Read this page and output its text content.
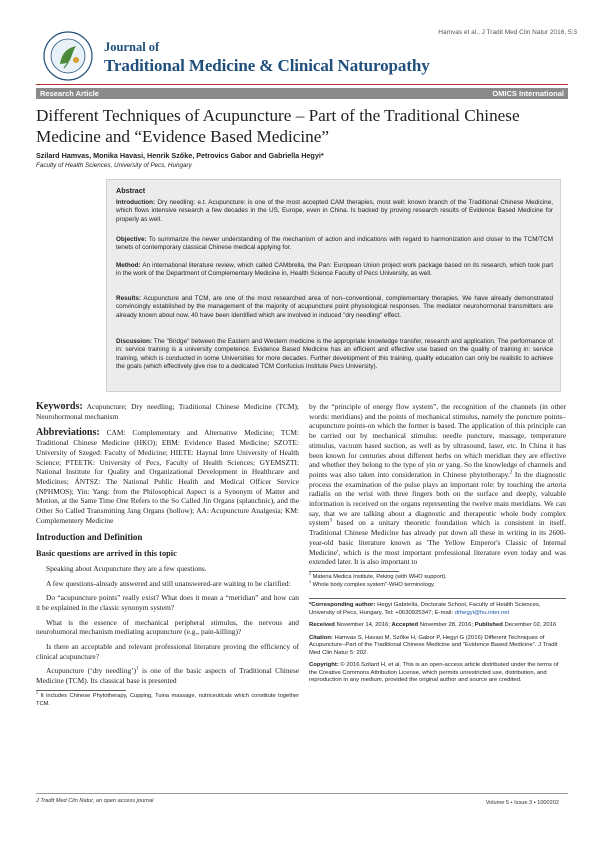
Hamvas et al., J Tradit Med Clin Natur 2016, 5:3
Journal of
Traditional Medicine & Clinical Naturopathy
Research Article	OMICS International
Different Techniques of Acupuncture – Part of the Traditional Chinese Medicine and “Evidence Based Medicine”
Szilard Hamvas, Monika Havasi, Henrik Szőke, Petrovics Gabor and Gabriella Hegyi*
Faculty of Health Sciences, University of Pecs, Hungary
Abstract
Introduction: Dry needling: e.t. Acupuncture: is one of the most accepted CAM therapies, most well: known branch of the Traditional Chinese Medicine, which flows intensive research a few decades in the US, Europe, even in China. Is backed by proving research results of Evidence Based Medicine for properly as well.
Objective: To summarize the newer understanding of the mechanism of action and indications with regard to harmonization and closer to the TCM/TCM tenets of contemporary classical Chinese medical applying for.
Method: An international literature review, which called CAMbrella, the Pan: European Union project work package based on its research, which took part in the work of the Department of Complementary Medicine in, Health Science Faculty of Pecs University, as well.
Results: Acupuncture and TCM, are one of the most researched area of non–conventional, complementary therapies. We have already demonstrated convincingly established by the management of the majority of acupuncture point physiological responses. The mediator neurohormonal transmitters are already known about now. 40 have been identified which are involved in induced "dry needling" effect.
Discussion: The "Bridge" between the Eastern and Western medicine is the appropriate knowledge transfer, research and application. The performance of in: service training is a university competence. Evidence Based Medicine has an efficient and effective use based on the quality of training in: service training, which is conducted in some Universities for more decades. Further development of this training, quality education can only be realistic to achieve the goals (which effectively give rise to a dedicated TCM Confucius Institute Pecs University).

Keywords: Acupuncture; Dry needling; Traditional Chinese Medicine (TCM); Neurohormonal mechanism

Abbreviations: CAM: Complementary and Alternative Medicine; TCM: Traditional Chinese Medicine (HKO); EBM: Evidence Based Medicine; SZOTE: University of Szeged: Faculty of Medicine; HIETE: Haynal Imre University of Health Science; PTEETK: University of Pecs, Faculty of Health Sciences; GYEMSZTI: National Institute for Quality and Organizational Development in Healthcare and Medicines; ÁNTSZ: The National Public Health and Medical Officer Service (NPHMOS); Yin: Yang: from the Philosophical Aspect is a Synonym of Matter and Motion, at the Same Time One Refers to the So Called Jin Organs (splanchnic), and the Other So Called Transmitting Jang Organs (hollow); AA: Acupuncture Analgesia; KM: Complementery Medicine

Introduction and Definition

Basic questions are arrived in this topic

Speaking about Acupuncture they are a few questions.

A few questions-already answered and still unanswered-are waiting to be clarified:

Do “acupuncture points” really exist? What does it mean a “meridian” and how can it be explained in the classic synonym system?

What is the essence of mechanical peripheral stimulus, the nervous and neurohumoral mechanism mediating acupuncture (e.g., pain-killing)?

Is there an acceptable and relevant professional literature proving the efficiency of clinical acupuncture?

Acupuncture (‘dry needling’)$^1$ is one of the basic aspects of Traditional Chinese Medicine (TCM). Its classical base is presented

$^1$ It includes Chinese Phytotherapy, Cupping, Tuina massage, nutriceuticals which constitute together TCM.

by the “principle of energy flow system”, the recognition of the channels (in other words: meridians) and the points of mechanical stimulus, namely the puncture points–acupuncture points-on which the former is based. The application of this principle can be carried out by mechanical stimulus: needle puncture, massage, temperature stimulus, vacuum based suction, as well as by ultrasound, laser, etc. In China it has been known for centuries about different herbs on which meridian they are effective and whether they belong to the type of yin or yang. So the knowledge of channels and points was also taken into consideration in Chinese phytotherapy.$^2$ In the diagnostic process the examination of the pulse plays an important role: by touching the arteria radialis on the wrist with three fingers both on the surface and deeply, valuable information is received on the organs representing the twelve main meridians. We can say, that we are talking about a diagnostic and therapeutic whole body complex system$^3$ based on a unitary theoretic foundation which is consistent in itself. Traditional Chinese Medicine has already put down all these in writing in its 2600-year-old basic literature known as 'The Yellow Emperor's Classic of Internal Medicine', which is the most important professional literature even today and was extended later. It is also important to

$^2$ Materia Medica Institute, Peking (with WHO support).

$^3$ Whole body complex system"-WHO terminology.

*Corresponding author: Hegyi Gabriella, Doctorate School, Faculty of Health Sciences, University of Pecs, Hungary, Tel: +0630925347; E-mail: drhegyi@hu.inter.net

Received November 14, 2016; Accepted November 28, 2016; Published December 02, 2016

Citation: Hamvas S, Havasi M, Szőke H, Gabor P, Hegyi G (2016) Different Techniques of Acupuncture–Part of the Traditional Chinese Medicine and "Evidence Based Medicine". J Tradit Med Clin Natur 5: 202.

Copyright: © 2016 Szilard H, et al. This is an open-access article distributed under the terms of the Creative Commons Attribution License, which permits unrestricted use, distribution, and reproduction in any medium, provided the original author and source are credited.

J Tradit Med Clin Natur, an open access journal	Volume 5 • Issue 3 • 1000202
